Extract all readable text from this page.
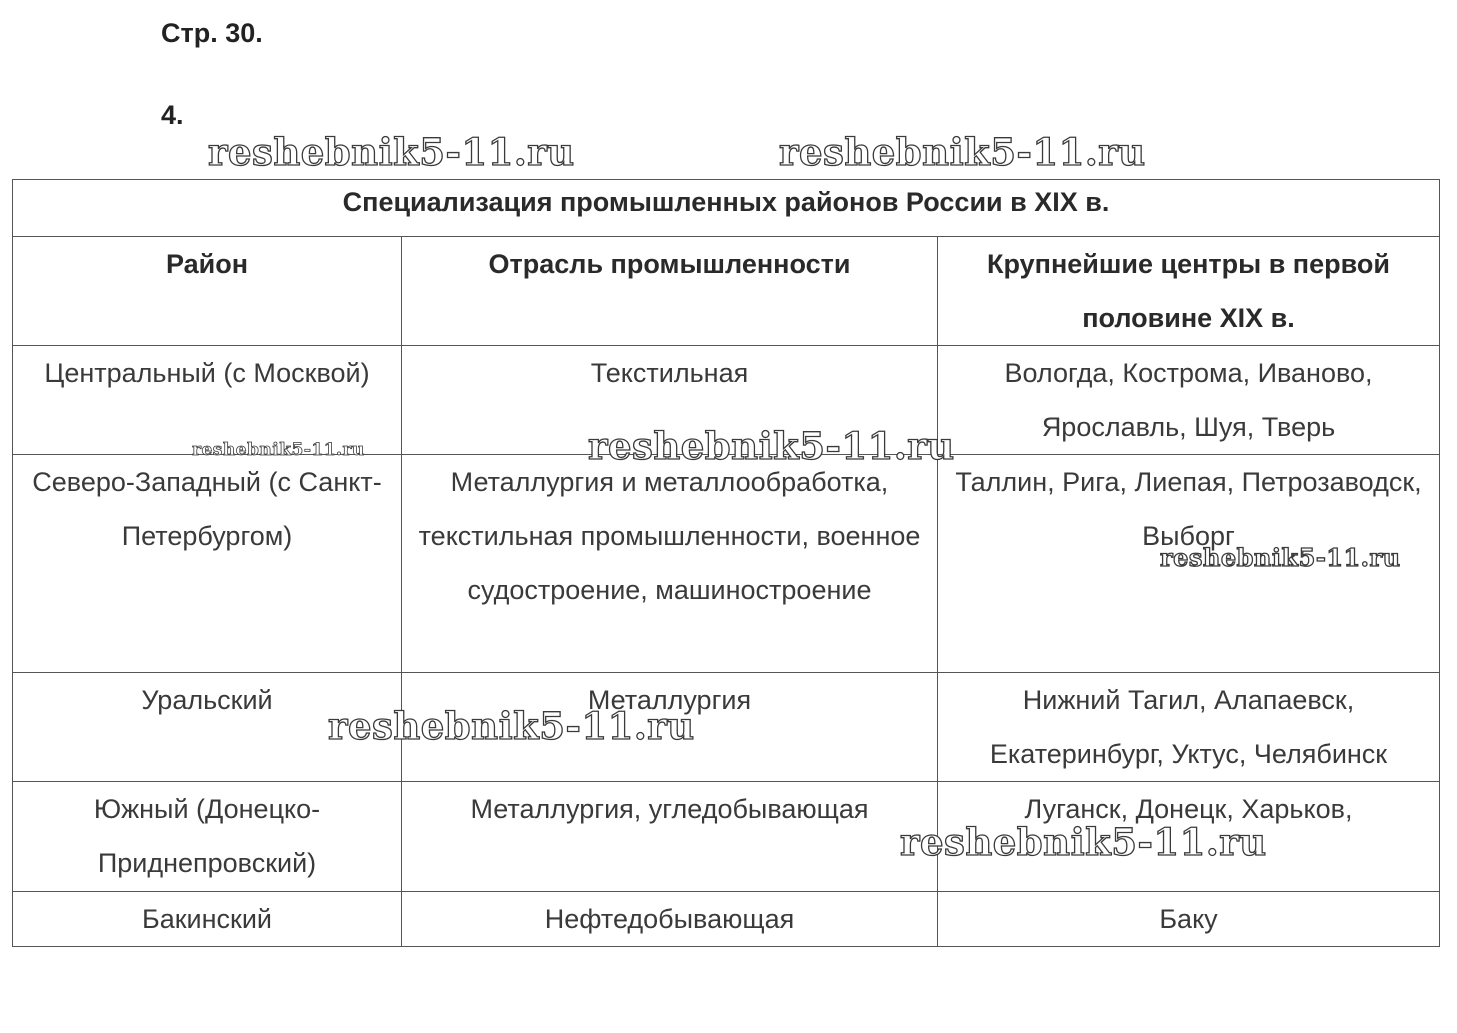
Стр. 30.
4.
Специализация промышленных районов России в XIX в.		
Район	Отрасль промышленности	Крупнейшие центры в первой половине XIX в.
Центральный (с Москвой)	Текстильная	Вологда, Кострома, Иваново, Ярославль, Шуя, Тверь
Северо-Западный (с Санкт-Петербургом)	Металлургия и металлообработка, текстильная промышленности, военное судостроение, машиностроение	Таллин, Рига, Лиепая, Петрозаводск, Выборг
Уральский	Металлургия	Нижний Тагил, Алапаевск, Екатеринбург, Уктус, Челябинск
Южный (Донецко-Приднепровский)	Металлургия, угледобывающая	Луганск, Донецк, Харьков,
Бакинский	Нефтедобывающая	Баку
reshebnik5-11.ru	reshebnik5-11.ru
reshebnik5-11.ru	reshebnik5-11.ru
reshebnik5-11.ru
reshebnik5-11.ru
reshebnik5-11.ru
